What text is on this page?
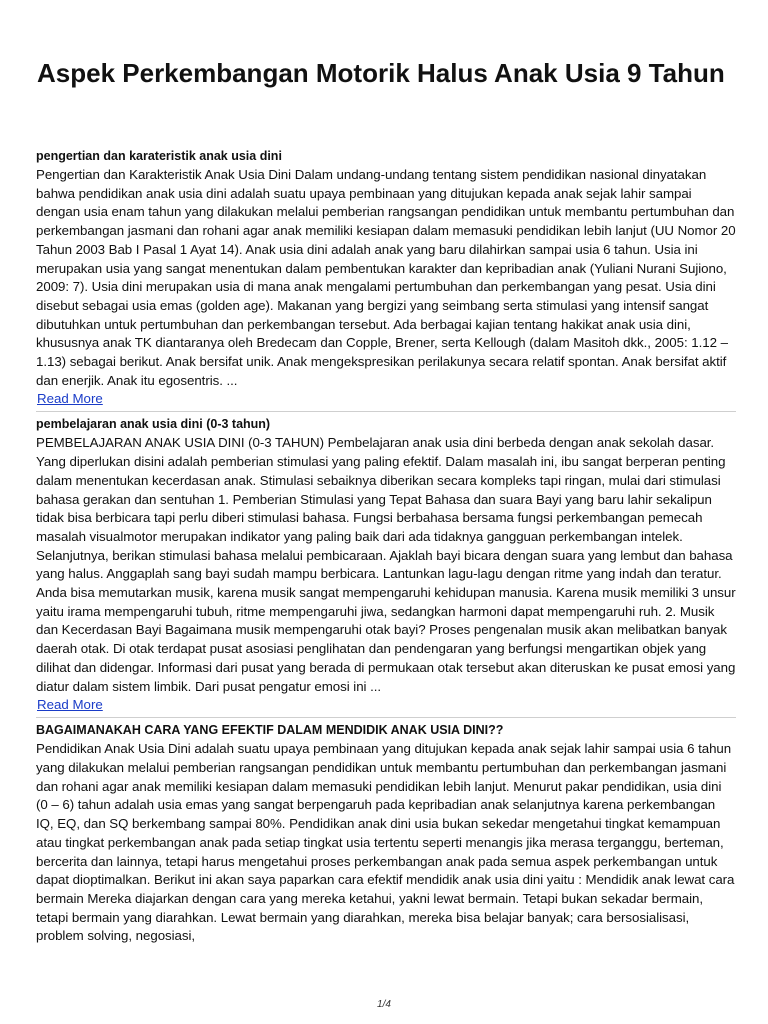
Aspek Perkembangan Motorik Halus Anak Usia 9 Tahun
pengertian dan karateristik anak usia dini

Pengertian dan Karakteristik Anak Usia Dini Dalam undang-undang tentang sistem pendidikan nasional dinyatakan bahwa pendidikan anak usia dini adalah suatu upaya pembinaan yang ditujukan kepada anak sejak lahir sampai dengan usia enam tahun yang dilakukan melalui pemberian rangsangan pendidikan untuk membantu pertumbuhan dan perkembangan jasmani dan rohani agar anak memiliki kesiapan dalam memasuki pendidikan lebih lanjut (UU Nomor 20 Tahun 2003 Bab I Pasal 1 Ayat 14). Anak usia dini adalah anak yang baru dilahirkan sampai usia 6 tahun. Usia ini merupakan usia yang sangat menentukan dalam pembentukan karakter dan kepribadian anak (Yuliani Nurani Sujiono, 2009: 7). Usia dini merupakan usia di mana anak mengalami pertumbuhan dan perkembangan yang pesat. Usia dini disebut sebagai usia emas (golden age). Makanan yang bergizi yang seimbang serta stimulasi yang intensif sangat dibutuhkan untuk pertumbuhan dan perkembangan tersebut. Ada berbagai kajian tentang hakikat anak usia dini, khususnya anak TK diantaranya oleh Bredecam dan Copple, Brener, serta Kellough (dalam Masitoh dkk., 2005: 1.12 – 1.13) sebagai berikut. Anak bersifat unik. Anak mengekspresikan perilakunya secara relatif spontan. Anak bersifat aktif dan enerjik. Anak itu egosentris. ...

Read More
pembelajaran anak usia dini (0-3 tahun)

PEMBELAJARAN ANAK USIA DINI (0-3 TAHUN) Pembelajaran anak usia dini berbeda dengan anak sekolah dasar. Yang diperlukan disini adalah pemberian stimulasi yang paling efektif. Dalam masalah ini, ibu sangat berperan penting dalam menentukan kecerdasan anak. Stimulasi sebaiknya diberikan secara kompleks tapi ringan, mulai dari stimulasi bahasa gerakan dan sentuhan 1. Pemberian Stimulasi yang Tepat Bahasa dan suara Bayi yang baru lahir sekalipun tidak bisa berbicara tapi perlu diberi stimulasi bahasa. Fungsi berbahasa bersama fungsi perkembangan pemecah masalah visualmotor merupakan indikator yang paling baik dari ada tidaknya gangguan perkembangan intelek. Selanjutnya, berikan stimulasi bahasa melalui pembicaraan. Ajaklah bayi bicara dengan suara yang lembut dan bahasa yang halus. Anggaplah sang bayi sudah mampu berbicara. Lantunkan lagu-lagu dengan ritme yang indah dan teratur. Anda bisa memutarkan musik, karena musik sangat mempengaruhi kehidupan manusia. Karena musik memiliki 3 unsur yaitu irama mempengaruhi tubuh, ritme mempengaruhi jiwa, sedangkan harmoni dapat mempengaruhi ruh. 2. Musik dan Kecerdasan Bayi Bagaimana musik mempengaruhi otak bayi? Proses pengenalan musik akan melibatkan banyak daerah otak. Di otak terdapat pusat asosiasi penglihatan dan pendengaran yang berfungsi mengartikan objek yang dilihat dan didengar. Informasi dari pusat yang berada di permukaan otak tersebut akan diteruskan ke pusat emosi yang diatur dalam sistem limbik. Dari pusat pengatur emosi ini ...

Read More
BAGAIMANAKAH CARA YANG EFEKTIF DALAM MENDIDIK ANAK USIA DINI??

Pendidikan Anak Usia Dini adalah suatu upaya pembinaan yang ditujukan kepada anak sejak lahir sampai usia 6 tahun yang dilakukan melalui pemberian rangsangan pendidikan untuk membantu pertumbuhan dan perkembangan jasmani dan rohani agar anak memiliki kesiapan dalam memasuki pendidikan lebih lanjut. Menurut pakar pendidikan, usia dini (0 – 6) tahun adalah usia emas yang sangat berpengaruh pada kepribadian anak selanjutnya karena perkembangan IQ, EQ, dan SQ berkembang sampai 80%. Pendidikan anak dini usia bukan sekedar mengetahui tingkat kemampuan atau tingkat perkembangan anak pada setiap tingkat usia tertentu seperti menangis jika merasa terganggu, berteman, bercerita dan lainnya, tetapi harus mengetahui proses perkembangan anak pada semua aspek perkembangan untuk dapat dioptimalkan. Berikut ini akan saya paparkan cara efektif mendidik anak usia dini yaitu : Mendidik anak lewat cara bermain Mereka diajarkan dengan cara yang mereka ketahui, yakni lewat bermain. Tetapi bukan sekadar bermain, tetapi bermain yang diarahkan. Lewat bermain yang diarahkan, mereka bisa belajar banyak; cara bersosialisasi, problem solving, negosiasi,

1/4
